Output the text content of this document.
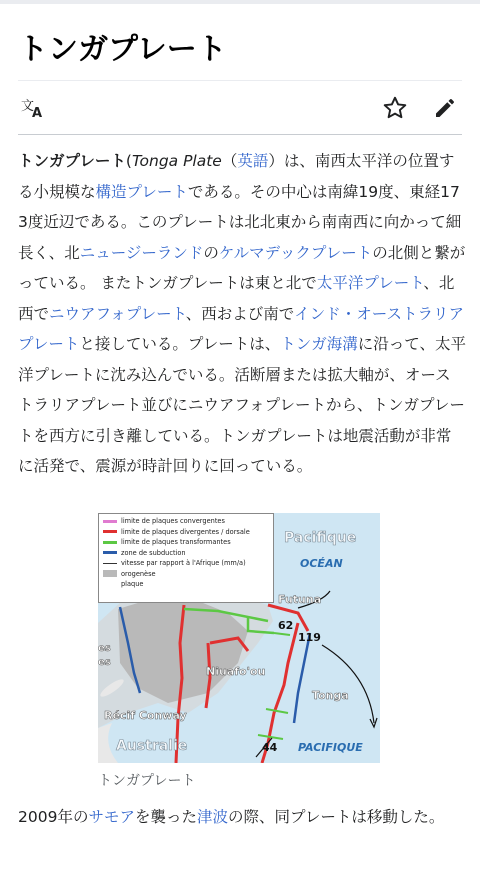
トンガプレート
文
A

トンガプレート(Tonga Plate（英語）は、南西太平洋の位置する小規模な構造プレートである。その中心は南緯19度、東経173度近辺である。このプレートは北北東から南南西に向かって細長く、北ニュージーランドのケルマデックプレートの北側と繋がっている。 またトンガプレートは東と北で太平洋プレート、北西でニウアフォプレート、西および南でインド・オーストラリアプレートと接している。プレートは、トンガ海溝に沿って、太平洋プレートに沈み込んでいる。活断層または拡大軸が、オーストラリアプレート並びにニウアフォプレートから、トンガプレートを西方に引き離している。トンガプレートは地震活動が非常に活発で、震源が時計回りに回っている。

limite de plaques convergentes
limite de plaques divergentes / dorsale
limite de plaques transformantes
zone de subduction
vitesse par rapport à l'Afrique (mm/a)
orogenèse
plaque
Pacifique
OCÉAN
Futuna
62
119
Niuafo'ou
Tonga
Récif Conway
Australie	PACIFIQUE
44
es
es
トンガプレート

2009年のサモアを襲った津波の際、同プレートは移動した。
